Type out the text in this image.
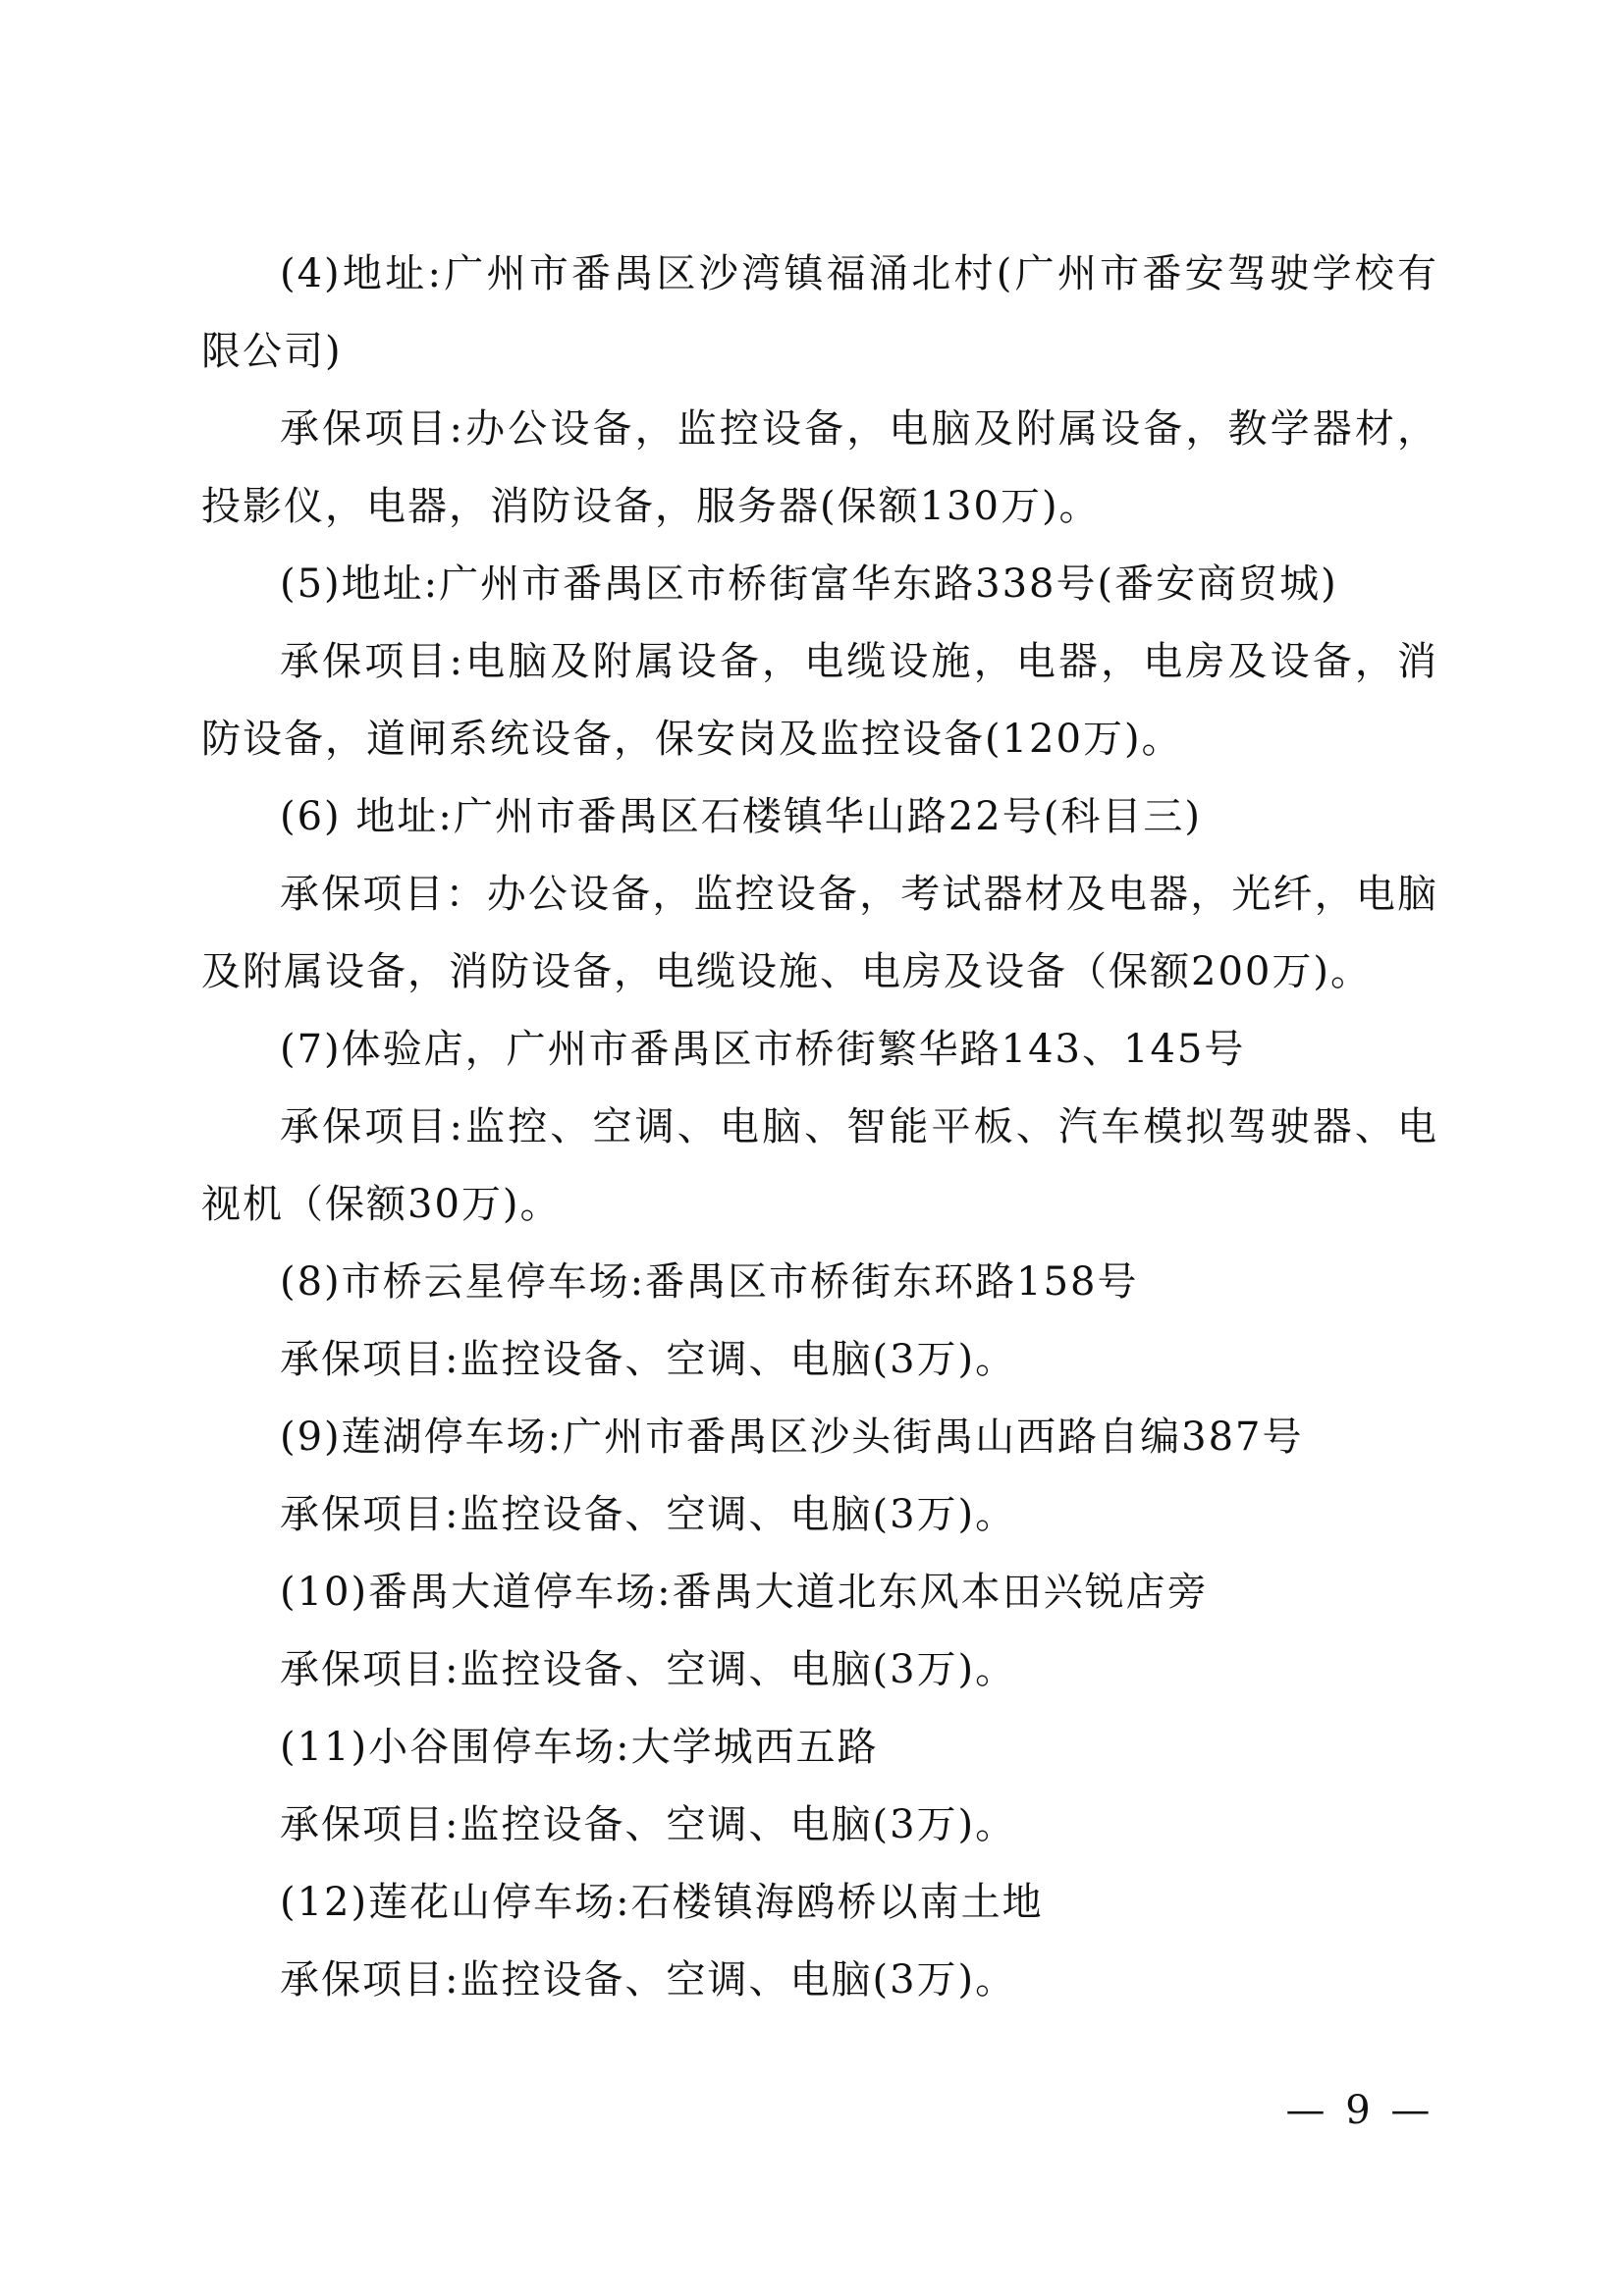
(4)地址:广州市番禺区沙湾镇福涌北村(广州市番安驾驶学校有限公司)

承保项目:办公设备，监控设备，电脑及附属设备，教学器材，投影仪，电器，消防设备，服务器(保额130万)。

(5)地址:广州市番禺区市桥街富华东路338号(番安商贸城)

承保项目:电脑及附属设备，电缆设施，电器，电房及设备，消防设备，道闸系统设备，保安岗及监控设备(120万)。

(6) 地址:广州市番禺区石楼镇华山路22号(科目三)

承保项目：办公设备，监控设备，考试器材及电器，光纤，电脑及附属设备，消防设备，电缆设施、电房及设备（保额200万)。

(7)体验店，广州市番禺区市桥街繁华路143、145号

承保项目:监控、空调、电脑、智能平板、汽车模拟驾驶器、电视机（保额30万)。

(8)市桥云星停车场:番禺区市桥街东环路158号

承保项目:监控设备、空调、电脑(3万)。

(9)莲湖停车场:广州市番禺区沙头街禺山西路自编387号

承保项目:监控设备、空调、电脑(3万)。

(10)番禺大道停车场:番禺大道北东风本田兴锐店旁

承保项目:监控设备、空调、电脑(3万)。

(11)小谷围停车场:大学城西五路

承保项目:监控设备、空调、电脑(3万)。

(12)莲花山停车场:石楼镇海鸥桥以南土地

承保项目:监控设备、空调、电脑(3万)。

— 9 —
